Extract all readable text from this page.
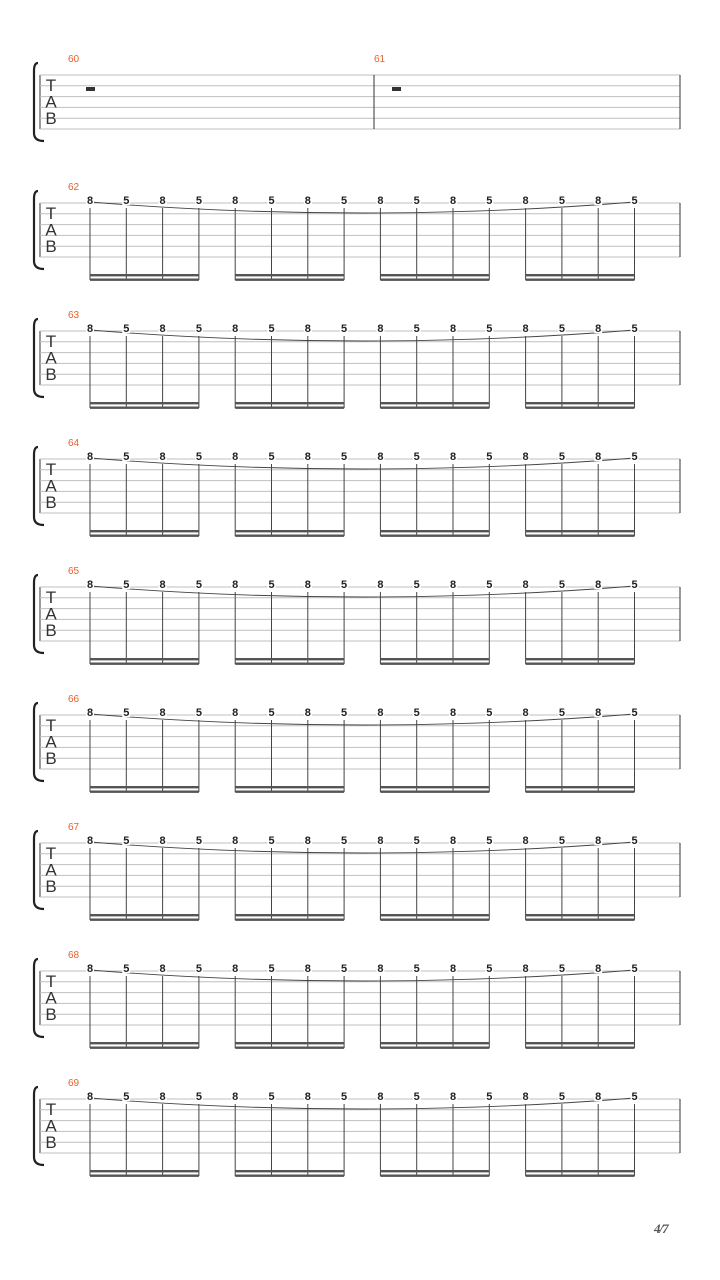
T
A
B
60	61
T
A
B
62
8	5	8	5	8	5	8	5	8	5	8	5	8	5	8	5
T
A
B
63
8	5	8	5	8	5	8	5	8	5	8	5	8	5	8	5
T
A
B
64
8	5	8	5	8	5	8	5	8	5	8	5	8	5	8	5
T
A
B
65
8	5	8	5	8	5	8	5	8	5	8	5	8	5	8	5
T
A
B
66
8	5	8	5	8	5	8	5	8	5	8	5	8	5	8	5
T
A
B
67
8	5	8	5	8	5	8	5	8	5	8	5	8	5	8	5
T
A
B
68
8	5	8	5	8	5	8	5	8	5	8	5	8	5	8	5
T
A
B
69
8	5	8	5	8	5	8	5	8	5	8	5	8	5	8	5
4/7
